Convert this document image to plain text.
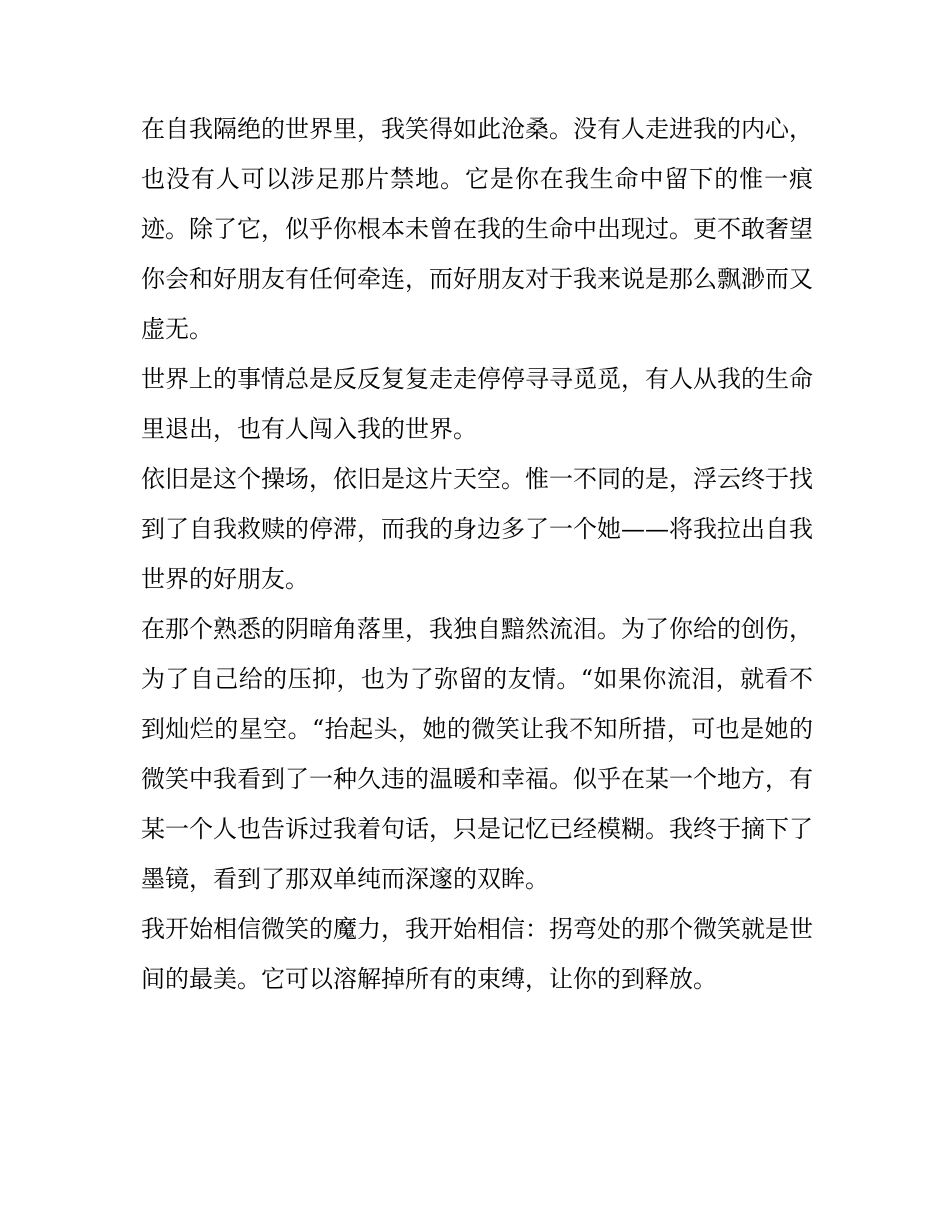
在自我隔绝的世界里，我笑得如此沧桑。没有人走进我的内心，也没有人可以涉足那片禁地。它是你在我生命中留下的惟一痕迹。除了它，似乎你根本未曾在我的生命中出现过。更不敢奢望你会和好朋友有任何牵连，而好朋友对于我来说是那么飘渺而又虚无。

世界上的事情总是反反复复走走停停寻寻觅觅，有人从我的生命里退出，也有人闯入我的世界。

依旧是这个操场，依旧是这片天空。惟一不同的是，浮云终于找到了自我救赎的停滞，而我的身边多了一个她——将我拉出自我世界的好朋友。

在那个熟悉的阴暗角落里，我独自黯然流泪。为了你给的创伤，为了自己给的压抑，也为了弥留的友情。“如果你流泪，就看不到灿烂的星空。“抬起头，她的微笑让我不知所措，可也是她的微笑中我看到了一种久违的温暖和幸福。似乎在某一个地方，有某一个人也告诉过我着句话，只是记忆已经模糊。我终于摘下了墨镜，看到了那双单纯而深邃的双眸。

我开始相信微笑的魔力，我开始相信：拐弯处的那个微笑就是世间的最美。它可以溶解掉所有的束缚，让你的到释放。
